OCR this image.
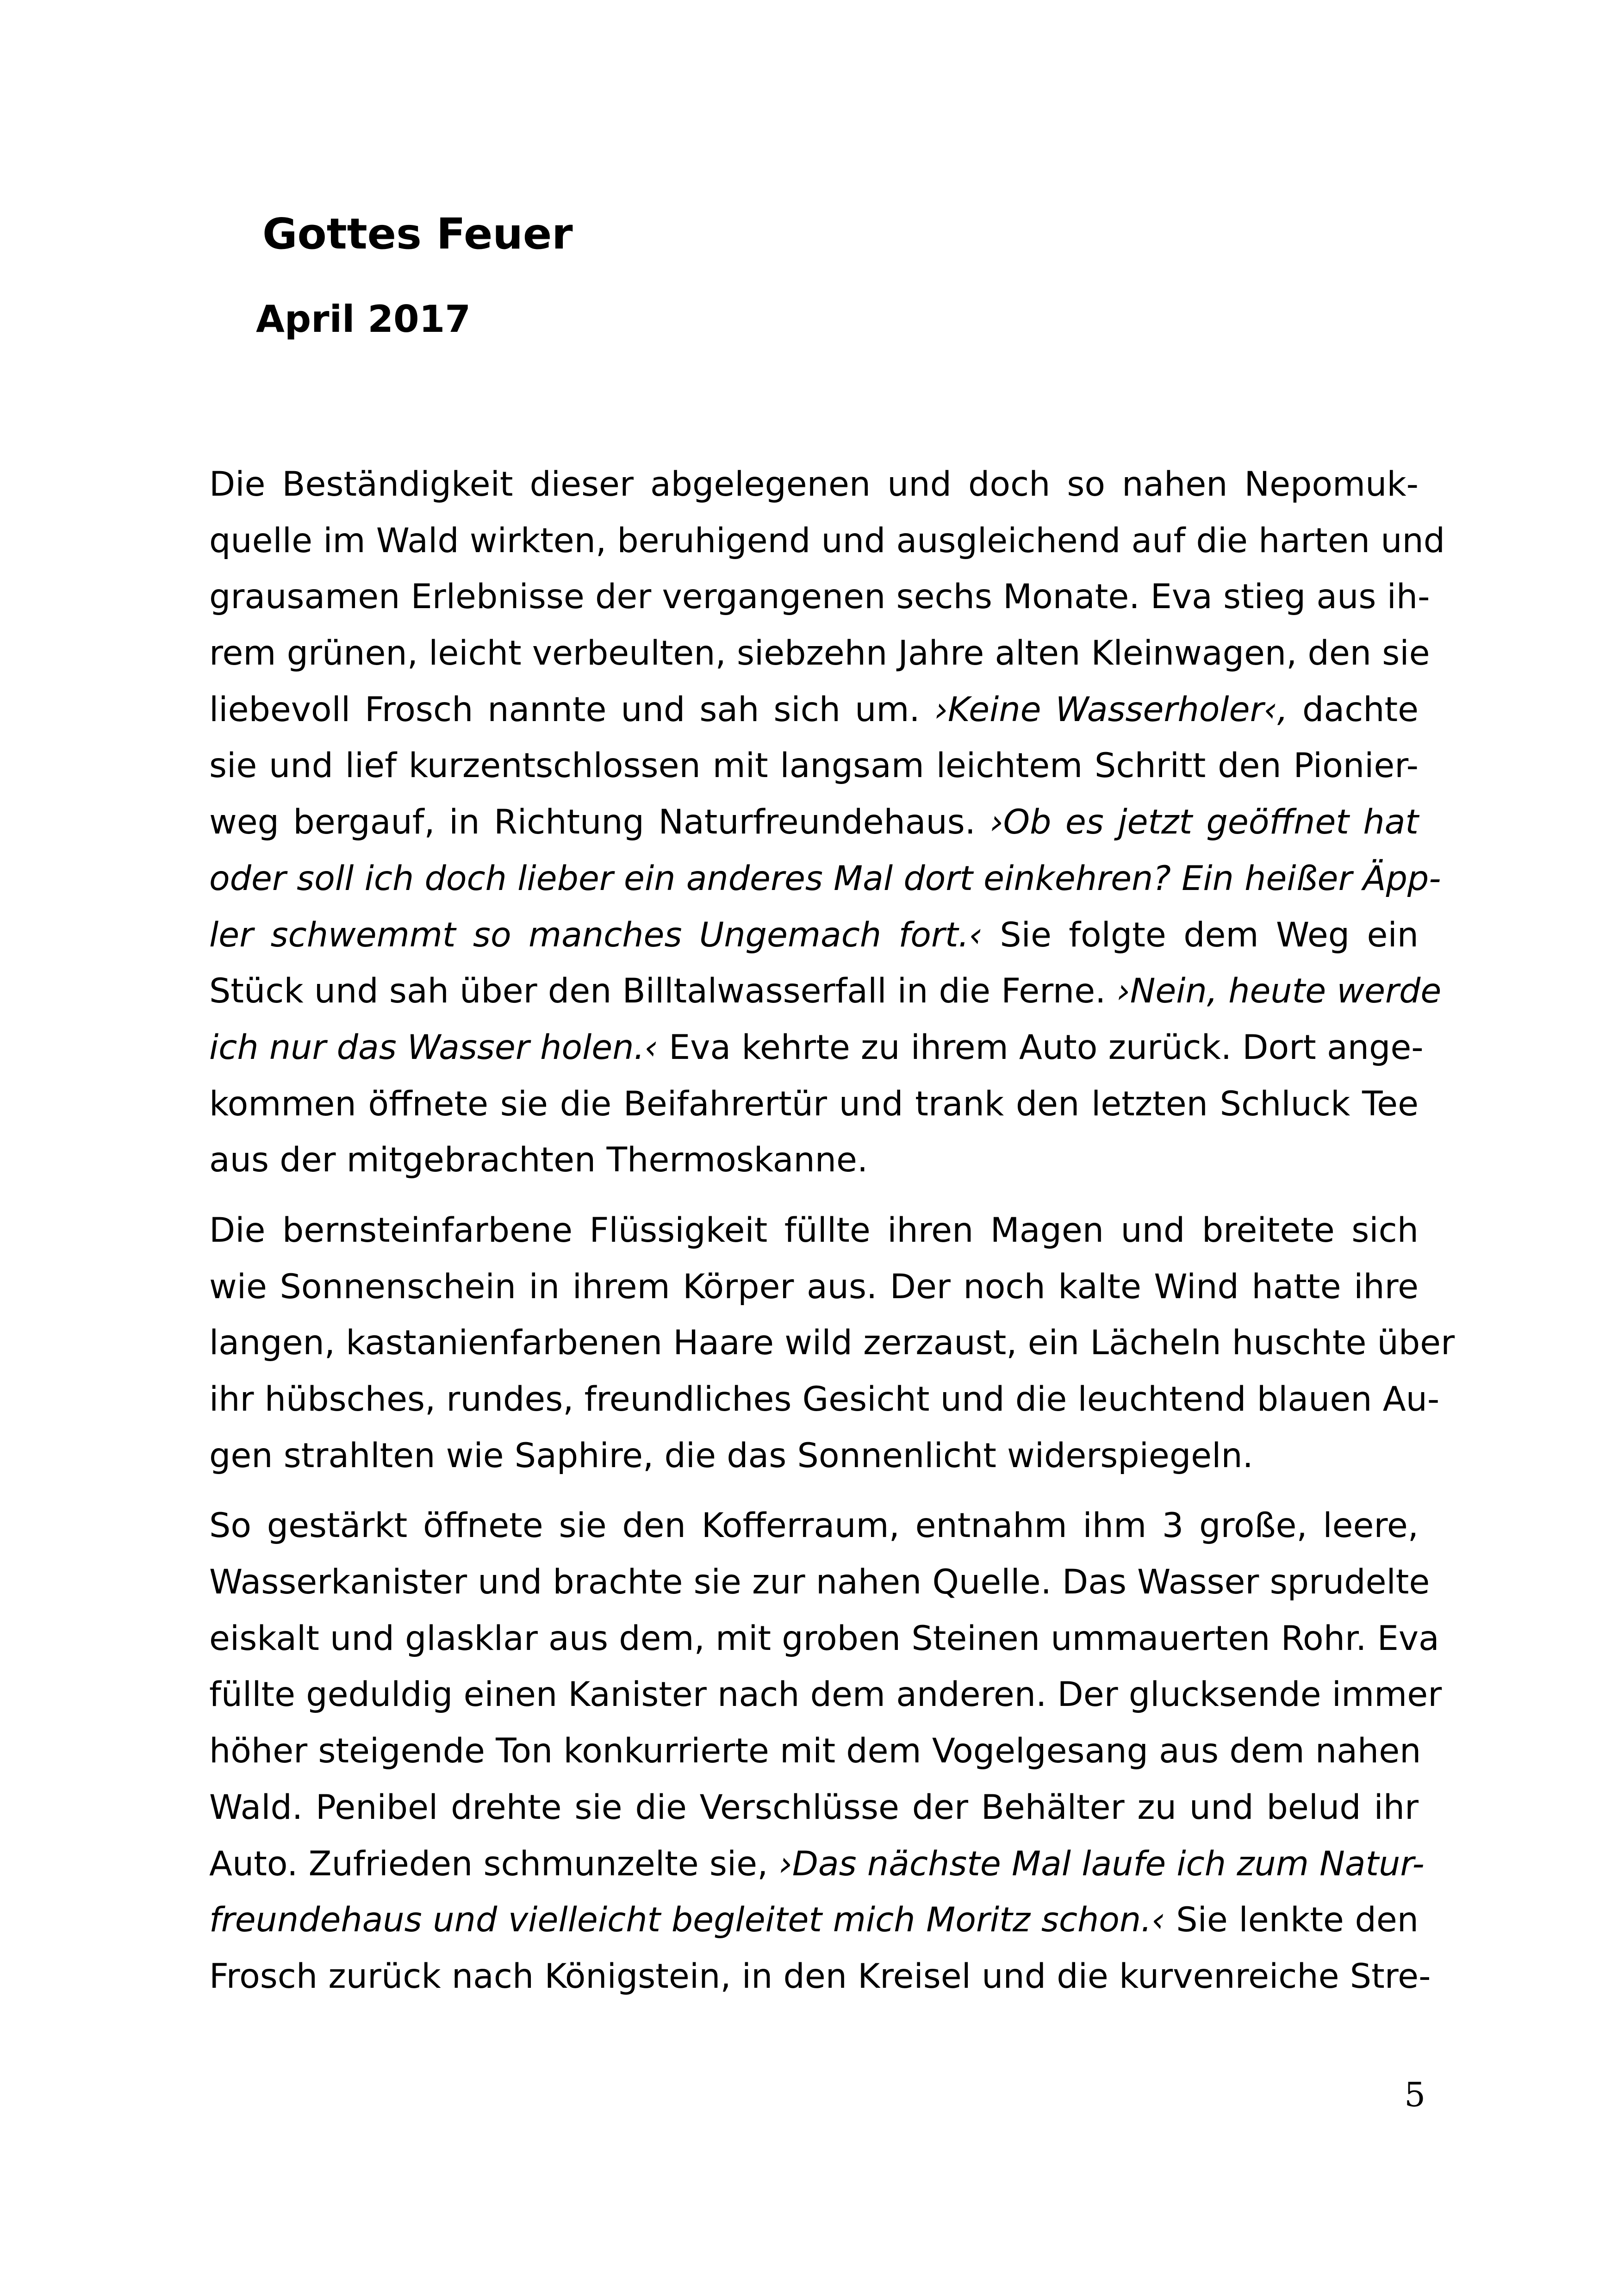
Gottes Feuer
April 2017
Die Beständigkeit dieser abgelegenen und doch so nahen Nepomuk-
quelle im Wald wirkten, beruhigend und ausgleichend auf die harten und
grausamen Erlebnisse der vergangenen sechs Monate. Eva stieg aus ih-
rem grünen, leicht verbeulten, siebzehn Jahre alten Kleinwagen, den sie
liebevoll Frosch nannte und sah sich um. ›Keine Wasserholer‹, dachte
sie und lief kurzentschlossen mit langsam leichtem Schritt den Pionier-
weg bergauf, in Richtung Naturfreundehaus. ›Ob es jetzt geöffnet hat
oder soll ich doch lieber ein anderes Mal dort einkehren? Ein heißer Äpp-
ler schwemmt so manches Ungemach fort.‹ Sie folgte dem Weg ein
Stück und sah über den Billtalwasserfall in die Ferne. ›Nein, heute werde
ich nur das Wasser holen.‹ Eva kehrte zu ihrem Auto zurück. Dort ange-
kommen öffnete sie die Beifahrertür und trank den letzten Schluck Tee
aus der mitgebrachten Thermoskanne.
Die bernsteinfarbene Flüssigkeit füllte ihren Magen und breitete sich
wie Sonnenschein in ihrem Körper aus. Der noch kalte Wind hatte ihre
langen, kastanienfarbenen Haare wild zerzaust, ein Lächeln huschte über
ihr hübsches, rundes, freundliches Gesicht und die leuchtend blauen Au-
gen strahlten wie Saphire, die das Sonnenlicht widerspiegeln.
So gestärkt öffnete sie den Kofferraum, entnahm ihm 3 große, leere,
Wasserkanister und brachte sie zur nahen Quelle. Das Wasser sprudelte
eiskalt und glasklar aus dem, mit groben Steinen ummauerten Rohr. Eva
füllte geduldig einen Kanister nach dem anderen. Der glucksende immer
höher steigende Ton konkurrierte mit dem Vogelgesang aus dem nahen
Wald. Penibel drehte sie die Verschlüsse der Behälter zu und belud ihr
Auto. Zufrieden schmunzelte sie, ›Das nächste Mal laufe ich zum Natur-
freundehaus und vielleicht begleitet mich Moritz schon.‹ Sie lenkte den
Frosch zurück nach Königstein, in den Kreisel und die kurvenreiche Stre-
5
